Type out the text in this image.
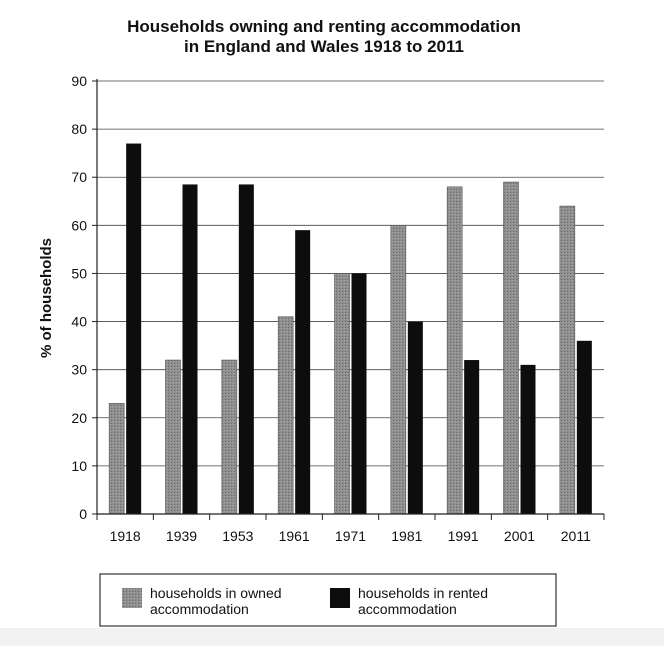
Households owning and renting accommodation
in England and Wales 1918 to 2011
0
10
20
30
40
50
60
70
80
90
% of households
1918 1939 1953 1961 1971 1981 1991 2001 2011
households in owned
accommodation
households in rented
accommodation
